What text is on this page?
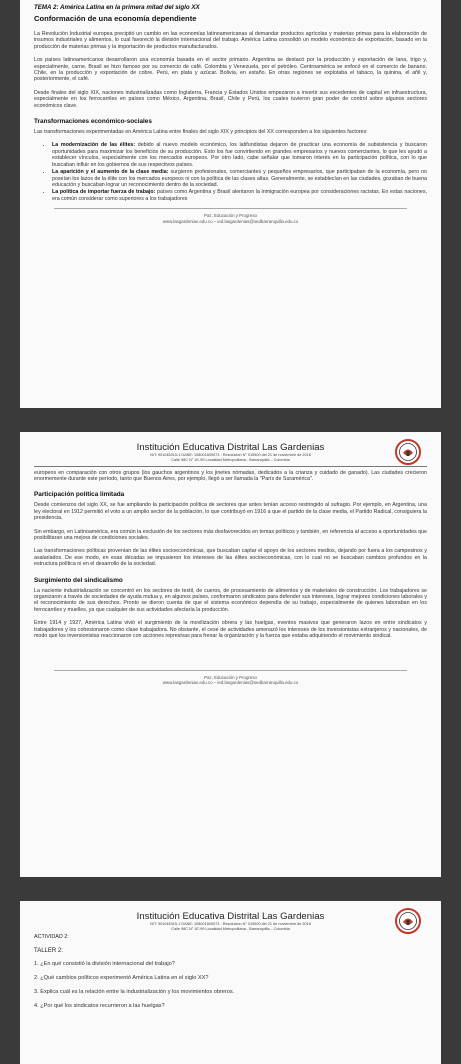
TEMA 2: América Latina en la primera mitad del siglo XX
Conformación de una economía dependiente

La Revolución Industrial europea precipitó un cambio en las economías latinoamericanas al demandar productos agrícolas y materias primas para la elaboración de insumos industriales y alimentos, lo cual favoreció la división internacional del trabajo. América Latina consolidó un modelo económico de exportación, basado en la producción de materias primas y la importación de productos manufacturados.

Los países latinoamericanos desarrollaron una economía basada en el sector primario. Argentina se destacó por la producción y exportación de lana, trigo y, especialmente, carne. Brasil se hizo famoso por su comercio de café. Colombia y Venezuela, por el petróleo. Centroamérica se enfocó en el comercio de banano. Chile, en la producción y exportación de cobre. Perú, en plata y azúcar. Bolivia, en estaño. En otras regiones se explotaba el tabaco, la quinina, el añil y, posteriormente, el café.

Desde finales del siglo XIX, naciones industrializadas como Inglaterra, Francia y Estados Unidos empezaron a invertir sus excedentes de capital en infraestructura, especialmente en los ferrocarriles en países como México, Argentina, Brasil, Chile y Perú, los cuales tuvieron gran poder de control sobre algunos sectores económicos clave.

Transformaciones económico-sociales

Las transformaciones experimentadas en América Latina entre finales del siglo XIX y principios del XX corresponden a los siguientes factores:

• La modernización de las élites: debido al nuevo modelo económico, los latifundistas dejaron de practicar una economía de subsistencia y buscaron oportunidades para maximizar los beneficios de su producción. Esto los fue convirtiendo en grandes empresarios y nuevos comerciantes, lo que les ayudó a establecer vínculos, especialmente con los mercados europeos. Por otro lado, cabe señalar que tomaron interés en la participación política, con lo que buscaban influir en los gobiernos de sus respectivos países.
• La aparición y el aumento de la clase media: surgieron profesionales, comerciantes y pequeños empresarios, que participaban de la economía, pero no poseían los lazos de la élite con los mercados europeos ni con la política de las clases altas. Generalmente, se establecían en las ciudades, gozaban de buena educación y buscaban lograr un reconocimiento dentro de la sociedad.
• La política de importar fuerza de trabajo: países como Argentina y Brasil alentaron la inmigración europea por consideraciones racistas. En estas naciones, era común considerar como superiores a los trabajadores
Paz, Educación y Progreso
www.lasgardenias.edu.co – ied.lasgardenias@sedbarranquilla.edu.co
Institución Educativa Distrital Las Gardenias
NIT: 901046315-1 DANE: 108001800073 - Resolución N° 015500 del 21 de noviembre de 2016
Calle 98C N° 1E-99 Localidad Metropolitana - Barranquilla – Colombia

europeos en comparación con otros grupos (los gauchos argentinos y los jinetes nómadas, dedicados a la crianza y cuidado de ganado). Las ciudades crecieron enormemente durante este período, tanto que Buenos Aires, por ejemplo, llegó a ser llamada la "París de Suramérica".

Participación política limitada

Desde comienzos del siglo XX, se fue ampliando la participación política de sectores que antes tenían acceso restringido al sufragio. Por ejemplo, en Argentina, una ley electoral en 1912 permitió el voto a un amplio sector de la población, lo que contribuyó en 1916 a que el partido de la clase media, el Partido Radical, consiguiera la presidencia.

Sin embargo, en Latinoamérica, era común la exclusión de los sectores más desfavorecidos en temas políticos y también, en referencia al acceso a oportunidades que posibilitaran una mejora de condiciones sociales.

Las transformaciones políticas provenían de las élites socioeconómicas, que buscaban captar el apoyo de los sectores medios, dejando por fuera a los campesinos y asalariados. De ese modo, en esas décadas se impusieron los intereses de las élites socioeconómicas, con lo cual no se buscaban cambios profundos en la estructura política ni en el desarrollo de la sociedad.

Surgimiento del sindicalismo

La naciente industrialización se concentró en los sectores de textil, de cueros, de procesamiento de alimentos y de materiales de construcción. Los trabajadores se organizaron a través de sociedades de ayuda mutua y, en algunos países, conformaron sindicatos para defender sus intereses, lograr mejores condiciones laborales y el reconocimiento de sus derechos. Pronto se dieron cuenta de que el sistema económico dependía de su trabajo, especialmente de quienes laboraban en los ferrocarriles y muelles, ya que cualquier de sus actividades afectaría la producción.

Entre 1914 y 1927, América Latina vivió el surgimiento de la movilización obrera y las huelgas, eventos masivos que generaron lazos en entre sindicatos y trabajadores y los cohesionaron como clase trabajadora. No obstante, el cese de actividades amenazó los intereses de los inversionistas extranjeros y nacionales, de modo que los inversionistas reaccionaron con acciones represivas para frenar la organización y la fuerza que estaba adquiriendo el movimiento sindical.

Paz, Educación y Progreso
www.lasgardenias.edu.co – ied.lasgardenias@sedbarranquilla.edu.co
Institución Educativa Distrital Las Gardenias
NIT: 901046315-1 DANE: 108001800073 - Resolución N° 015500 del 21 de noviembre de 2016
Calle 98C N° 1E-99 Localidad Metropolitana - Barranquilla – Colombia
ACTIVIDAD 2:
TALLER 2:
1. ¿En qué consistió la división internacional del trabajo?
2. ¿Qué cambios políticos experimentó América Latina en el siglo XX?
3. Explica cuál es la relación entre la industrialización y los movimientos obreros.
4. ¿Por qué los sindicatos recurrieron a las huelgas?
